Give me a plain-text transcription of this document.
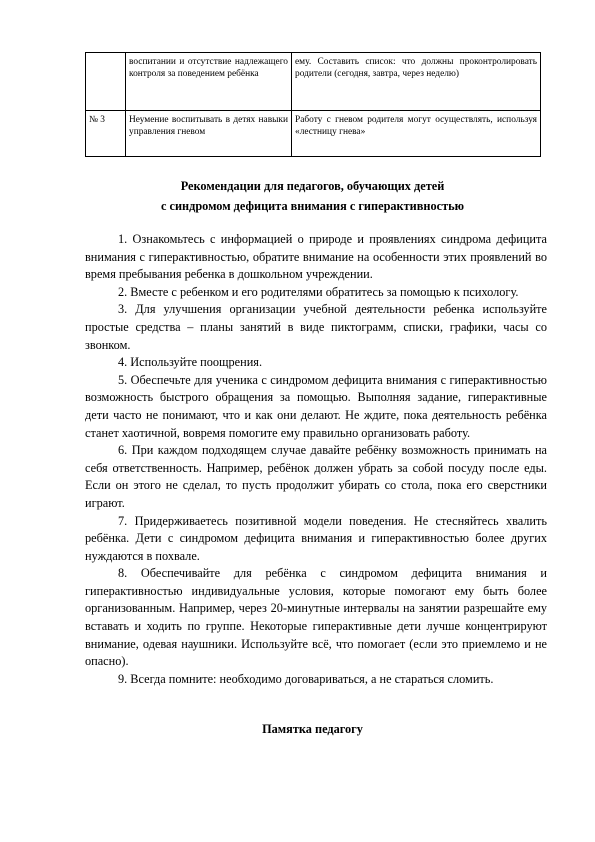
	воспитании и отсутствие надлежащего контроля за поведением ребёнка	ему. Составить список: что должны проконтролировать родители (сегодня, завтра, через неделю)
№ 3	Неумение воспитывать в детях навыки управления гневом	Работу с гневом родителя могут осуществлять, используя «лестницу гнева»
Рекомендации для педагогов, обучающих детей
с синдромом дефицита внимания с гиперактивностью

1. Ознакомьтесь с информацией о природе и проявлениях синдрома дефицита внимания с гиперактивностью, обратите внимание на особенности этих проявлений во время пребывания ребенка в дошкольном учреждении.

2. Вместе с ребенком и его родителями обратитесь за помощью к психологу.

3. Для улучшения организации учебной деятельности ребенка используйте простые средства – планы занятий в виде пиктограмм, списки, графики, часы со звонком.

4. Используйте поощрения.

5. Обеспечьте для ученика с синдромом дефицита внимания с гиперактивностью возможность быстрого обращения за помощью. Выполняя задание, гиперактивные дети часто не понимают, что и как они делают. Не ждите, пока деятельность ребёнка станет хаотичной, вовремя помогите ему правильно организовать работу.

6. При каждом подходящем случае давайте ребёнку возможность принимать на себя ответственность. Например, ребёнок должен убрать за собой посуду после еды. Если он этого не сделал, то пусть продолжит убирать со стола, пока его сверстники играют.

7. Придерживаетесь позитивной модели поведения. Не стесняйтесь хвалить ребёнка. Дети с синдромом дефицита внимания и гиперактивностью более других нуждаются в похвале.

8. Обеспечивайте для ребёнка с синдромом дефицита внимания и гиперактивностью индивидуальные условия, которые помогают ему быть более организованным. Например, через 20-минутные интервалы на занятии разрешайте ему вставать и ходить по группе. Некоторые гиперактивные дети лучше концентрируют внимание, одевая наушники. Используйте всё, что помогает (если это приемлемо и не опасно).

9. Всегда помните: необходимо договариваться, а не стараться сломить.

Памятка педагогу
